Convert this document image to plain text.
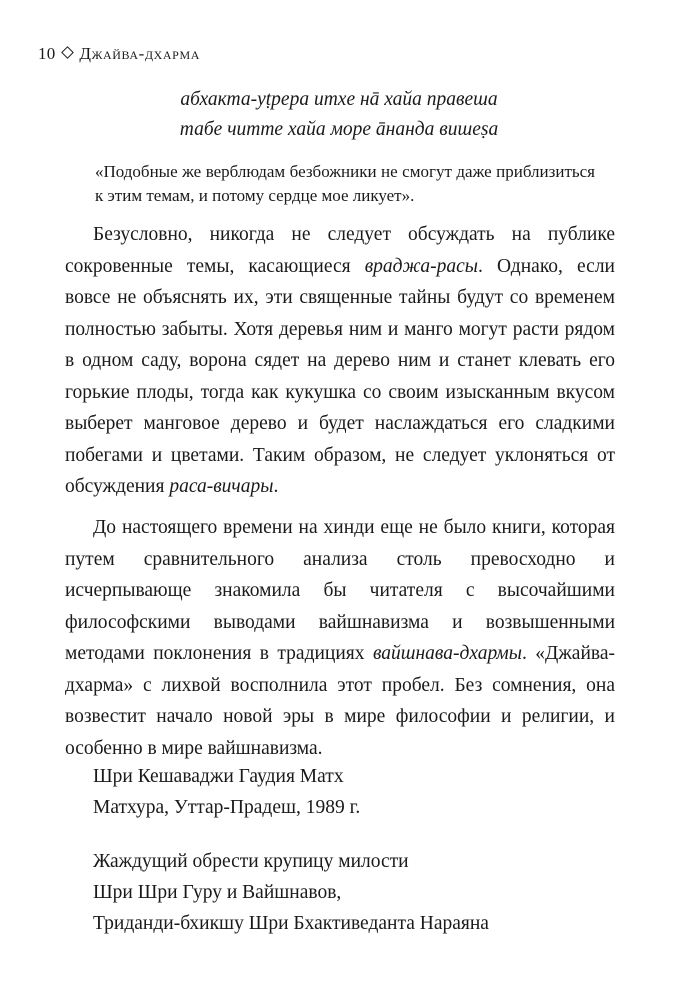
10 Джайва-дхарма
абхакта-уṭрера итхе нā хайа правеша
табе читте хайа море āнанда вишеṣа
«Подобные же верблюдам безбожники не смогут даже приблизиться к этим темам, и потому сердце мое ликует».
Безусловно, никогда не следует обсуждать на публике сокровенные темы, касающиеся враджа-расы. Однако, если вовсе не объяснять их, эти священные тайны будут со временем полностью забыты. Хотя деревья ним и манго могут расти рядом в одном саду, ворона сядет на дерево ним и станет клевать его горькие плоды, тогда как кукушка со своим изысканным вкусом выберет манговое дерево и будет наслаждаться его сладкими побегами и цветами. Таким образом, не следует уклоняться от обсуждения раса-вичары.
До настоящего времени на хинди еще не было книги, которая путем сравнительного анализа столь превосходно и исчерпывающе знакомила бы читателя с высочайшими философскими выводами вайшнавизма и возвышенными методами поклонения в традициях вайшнава-дхармы. «Джайва-дхарма» с лихвой восполнила этот пробел. Без сомнения, она возвестит начало новой эры в мире философии и религии, и особенно в мире вайшнавизма.
Шри Кешаваджи Гаудия Матх
Матхура, Уттар-Прадеш, 1989 г.
Жаждущий обрести крупицу милости
Шри Шри Гуру и Вайшнавов,
Триданди-бхикшу Шри Бхактиведанта Нараяна
